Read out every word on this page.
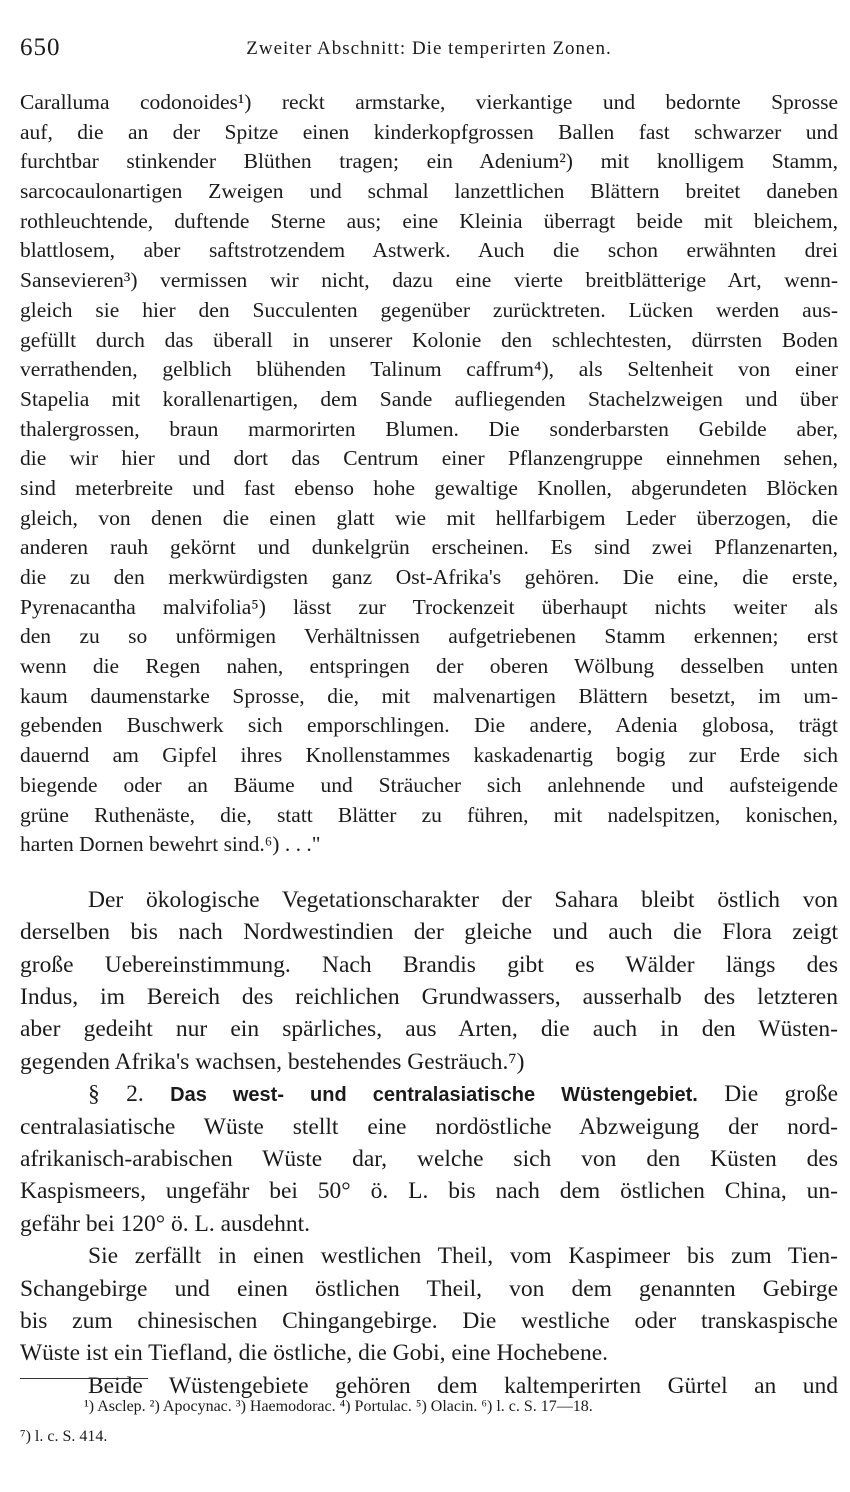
650	Zweiter Abschnitt: Die temperirten Zonen.
Caralluma codonoides¹) reckt armstarke, vierkantige und bedornte Sprosse
auf, die an der Spitze einen kinderkopfgrossen Ballen fast schwarzer und
furchtbar stinkender Blüthen tragen; ein Adenium²) mit knolligem Stamm,
sarcocaulonartigen Zweigen und schmal lanzettlichen Blättern breitet daneben
rothleuchtende, duftende Sterne aus; eine Kleinia überragt beide mit bleichem,
blattlosem, aber saftstrotzendem Astwerk. Auch die schon erwähnten drei
Sansevieren³) vermissen wir nicht, dazu eine vierte breitblätterige Art, wenn-
gleich sie hier den Succulenten gegenüber zurücktreten. Lücken werden aus-
gefüllt durch das überall in unserer Kolonie den schlechtesten, dürrsten Boden
verrathenden, gelblich blühenden Talinum caffrum⁴), als Seltenheit von einer
Stapelia mit korallenartigen, dem Sande aufliegenden Stachelzweigen und über
thalergrossen, braun marmorirten Blumen. Die sonderbarsten Gebilde aber,
die wir hier und dort das Centrum einer Pflanzengruppe einnehmen sehen,
sind meterbreite und fast ebenso hohe gewaltige Knollen, abgerundeten Blöcken
gleich, von denen die einen glatt wie mit hellfarbigem Leder überzogen, die
anderen rauh gekörnt und dunkelgrün erscheinen. Es sind zwei Pflanzenarten,
die zu den merkwürdigsten ganz Ost-Afrika's gehören. Die eine, die erste,
Pyrenacantha malvifolia⁵) lässt zur Trockenzeit überhaupt nichts weiter als
den zu so unförmigen Verhältnissen aufgetriebenen Stamm erkennen; erst
wenn die Regen nahen, entspringen der oberen Wölbung desselben unten
kaum daumenstarke Sprosse, die, mit malvenartigen Blättern besetzt, im um-
gebenden Buschwerk sich emporschlingen. Die andere, Adenia globosa, trägt
dauernd am Gipfel ihres Knollenstammes kaskadenartig bogig zur Erde sich
biegende oder an Bäume und Sträucher sich anlehnende und aufsteigende
grüne Ruthenäste, die, statt Blätter zu führen, mit nadelspitzen, konischen,
harten Dornen bewehrt sind.⁶) . . ."
Der ökologische Vegetationscharakter der Sahara bleibt östlich von
derselben bis nach Nordwestindien der gleiche und auch die Flora zeigt
große Uebereinstimmung. Nach Brandis gibt es Wälder längs des
Indus, im Bereich des reichlichen Grundwassers, ausserhalb des letzteren
aber gedeiht nur ein spärliches, aus Arten, die auch in den Wüsten-
gegenden Afrika's wachsen, bestehendes Gesträuch.⁷)
§ 2. Das west- und centralasiatische Wüstengebiet. Die große
centralasiatische Wüste stellt eine nordöstliche Abzweigung der nord-
afrikanisch-arabischen Wüste dar, welche sich von den Küsten des
Kaspismeers, ungefähr bei 50° ö. L. bis nach dem östlichen China, un-
gefähr bei 120° ö. L. ausdehnt.
Sie zerfällt in einen westlichen Theil, vom Kaspimeer bis zum Tien-
Schangebirge und einen östlichen Theil, von dem genannten Gebirge
bis zum chinesischen Chingangebirge. Die westliche oder transkaspische
Wüste ist ein Tiefland, die östliche, die Gobi, eine Hochebene.
Beide Wüstengebiete gehören dem kaltemperirten Gürtel an und
¹) Asclep. ²) Apocynac. ³) Haemodorac. ⁴) Portulac. ⁵) Olacin. ⁶) l. c. S. 17—18.
⁷) l. c. S. 414.
